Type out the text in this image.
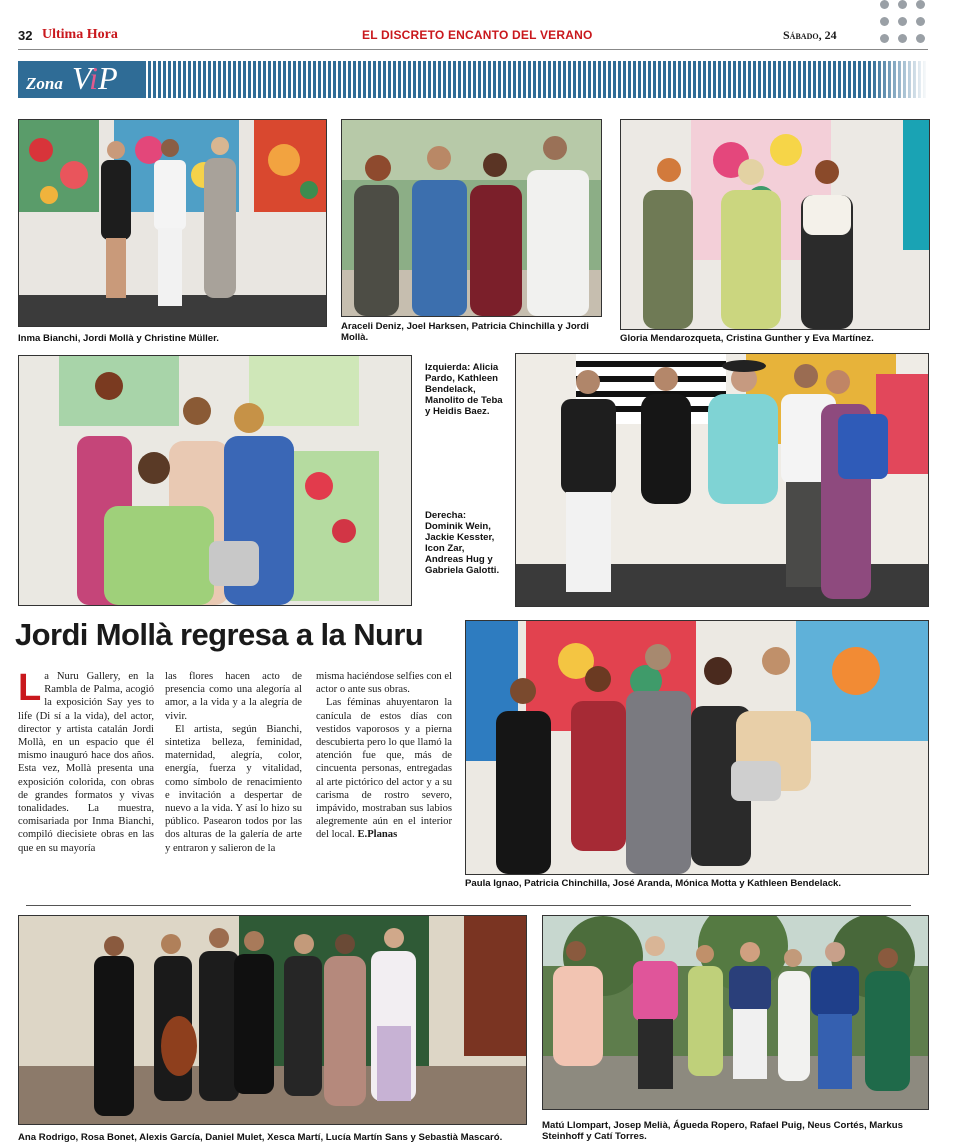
32 Ultima Hora	EL DISCRETO ENCANTO DEL VERANO	Sábado, 24
Zona ViP
Inma Bianchi, Jordi Mollà y Christine Müller.
Araceli Deniz, Joel Harksen, Patricia Chinchilla y Jordi Mollà.	Gloria Mendarozqueta, Cristina Gunther y Eva Martínez.
Izquierda: Alicia Pardo, Kathleen Bendelack, Manolito de Teba y Heidis Baez.
Derecha: Dominik Wein, Jackie Kesster, Icon Zar, Andreas Hug y Gabriela Galotti.
Jordi Mollà regresa a la Nuru

La Nuru Gallery, en la Rambla de Palma, acogió la exposición Say yes to life (Di sí a la vida), del actor, director y artista catalán Jordi Mollà, en un espacio que él mismo inauguró hace dos años. Esta vez, Mollà presenta una exposición colorida, con obras de grandes formatos y vivas tonalidades. La muestra, comisariada por Inma Bianchi, compiló diecisiete obras en las que en su mayoría

las flores hacen acto de presencia como una alegoría al amor, a la vida y a la alegría de vivir.

El artista, según Bianchi, sintetiza belleza, feminidad, maternidad, alegría, color, energía, fuerza y vitalidad, como símbolo de renacimiento e invitación a despertar de nuevo a la vida. Y así lo hizo su público. Pasearon todos por las dos alturas de la galería de arte y entraron y salieron de la

misma haciéndose selfies con el actor o ante sus obras.

Las féminas ahuyentaron la canícula de estos días con vestidos vaporosos y a pierna descubierta pero lo que llamó la atención fue que, más de cincuenta personas, entregadas al arte pictórico del actor y a su carisma de rostro severo, impávido, mostraban sus labios alegremente aún en el interior del local. E.Planas

Paula Ignao, Patricia Chinchilla, José Aranda, Mónica Motta y Kathleen Bendelack.
Ana Rodrigo, Rosa Bonet, Alexis García, Daniel Mulet, Xesca Martí, Lucía Martín Sans y Sebastià Mascaró.
Matú Llompart, Josep Melià, Águeda Ropero, Rafael Puig, Neus Cortés, Markus Steinhoff y Catí Torres.
